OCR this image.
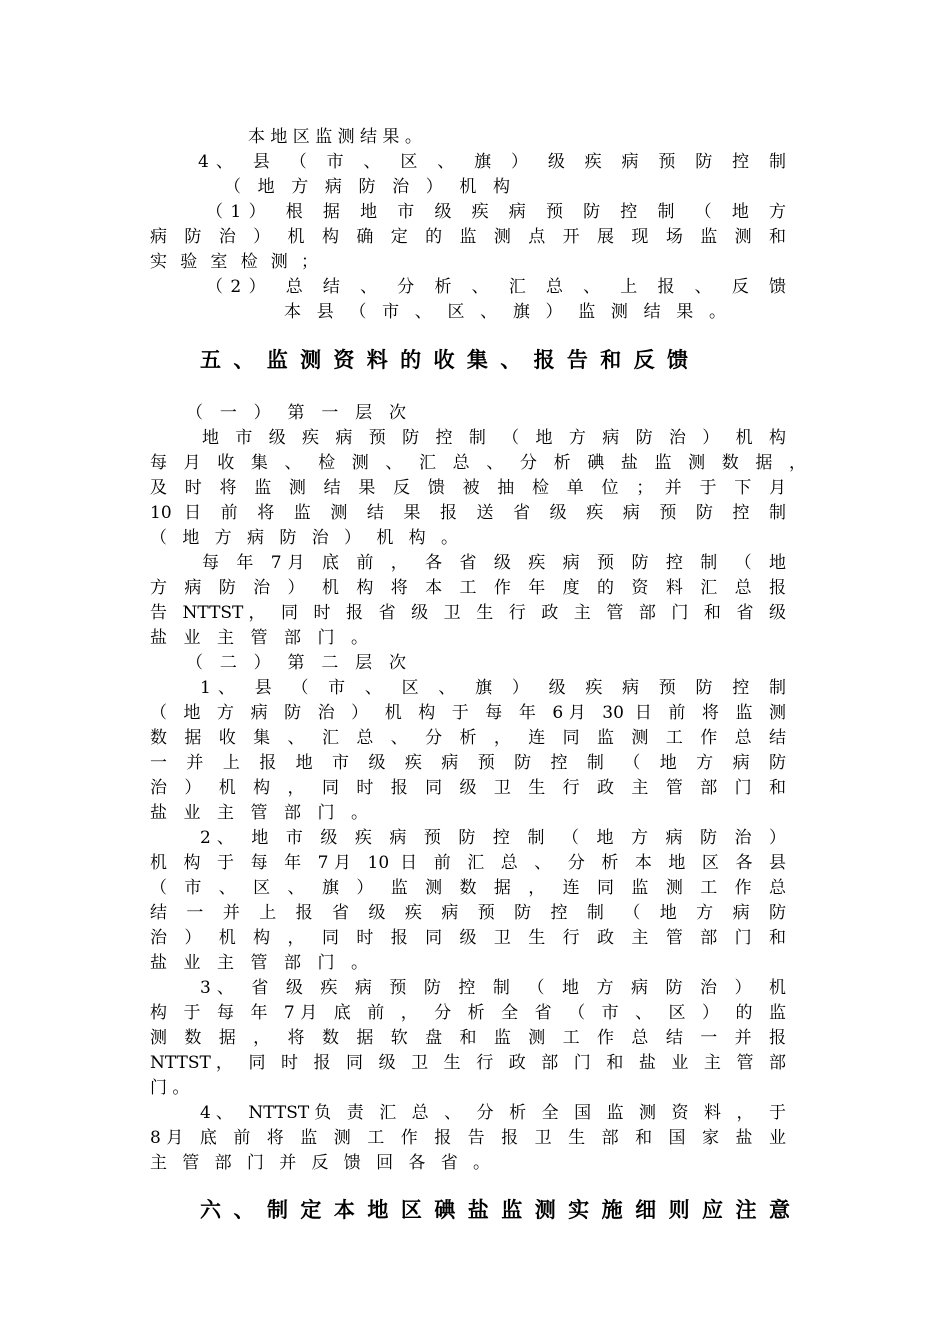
本 地 区 监 测 结 果 。
4、 县 （ 市 、 区 、 旗 ） 级 疾 病 预 防 控 制
（ 地 方 病 防 治 ） 机 构
（1） 根 据 地 市 级 疾 病 预 防 控 制 （ 地 方
病 防 治 ） 机 构 确 定 的 监 测 点 开 展 现 场 监 测 和
实 验 室 检 测 ；
（2） 总 结 、 分 析 、 汇 总 、 上 报 、 反 馈
本 县 （ 市 、 区 、 旗 ） 监 测 结 果 。
五 、 监 测 资 料 的 收 集 、 报 告 和 反 馈
（ 一 ） 第 一 层 次
地 市 级 疾 病 预 防 控 制 （ 地 方 病 防 治 ） 机 构
每 月 收 集 、 检 测 、 汇 总 、 分 析 碘 盐 监 测 数 据 ，
及 时 将 监 测 结 果 反 馈 被 抽 检 单 位 ； 并 于 下 月
10 日 前 将 监 测 结 果 报 送 省 级 疾 病 预 防 控 制
（ 地 方 病 防 治 ） 机 构 。
每 年 7月 底 前 ， 各 省 级 疾 病 预 防 控 制 （ 地
方 病 防 治 ） 机 构 将 本 工 作 年 度 的 资 料 汇 总 报
告 NTTST， 同 时 报 省 级 卫 生 行 政 主 管 部 门 和 省 级
盐 业 主 管 部 门 。
（ 二 ） 第 二 层 次
1、 县 （ 市 、 区 、 旗 ） 级 疾 病 预 防 控 制
（ 地 方 病 防 治 ） 机 构 于 每 年 6月 30 日 前 将 监 测
数 据 收 集 、 汇 总 、 分 析 ， 连 同 监 测 工 作 总 结
一 并 上 报 地 市 级 疾 病 预 防 控 制 （ 地 方 病 防
治 ） 机 构 ， 同 时 报 同 级 卫 生 行 政 主 管 部 门 和
盐 业 主 管 部 门 。
2、 地 市 级 疾 病 预 防 控 制 （ 地 方 病 防 治 ）
机 构 于 每 年 7月 10 日 前 汇 总 、 分 析 本 地 区 各 县
（ 市 、 区 、 旗 ） 监 测 数 据 ， 连 同 监 测 工 作 总
结 一 并 上 报 省 级 疾 病 预 防 控 制 （ 地 方 病 防
治 ） 机 构 ， 同 时 报 同 级 卫 生 行 政 主 管 部 门 和
盐 业 主 管 部 门 。
3、 省 级 疾 病 预 防 控 制 （ 地 方 病 防 治 ） 机
构 于 每 年 7月 底 前 ， 分 析 全 省 （ 市 、 区 ） 的 监
测 数 据 ， 将 数 据 软 盘 和 监 测 工 作 总 结 一 并 报
NTTST， 同 时 报 同 级 卫 生 行 政 部 门 和 盐 业 主 管 部
门 。
4、 NTTST负 责 汇 总 、 分 析 全 国 监 测 资 料 ， 于
8月 底 前 将 监 测 工 作 报 告 报 卫 生 部 和 国 家 盐 业
主 管 部 门 并 反 馈 回 各 省 。
六 、 制 定 本 地 区 碘 盐 监 测 实 施 细 则 应 注 意
